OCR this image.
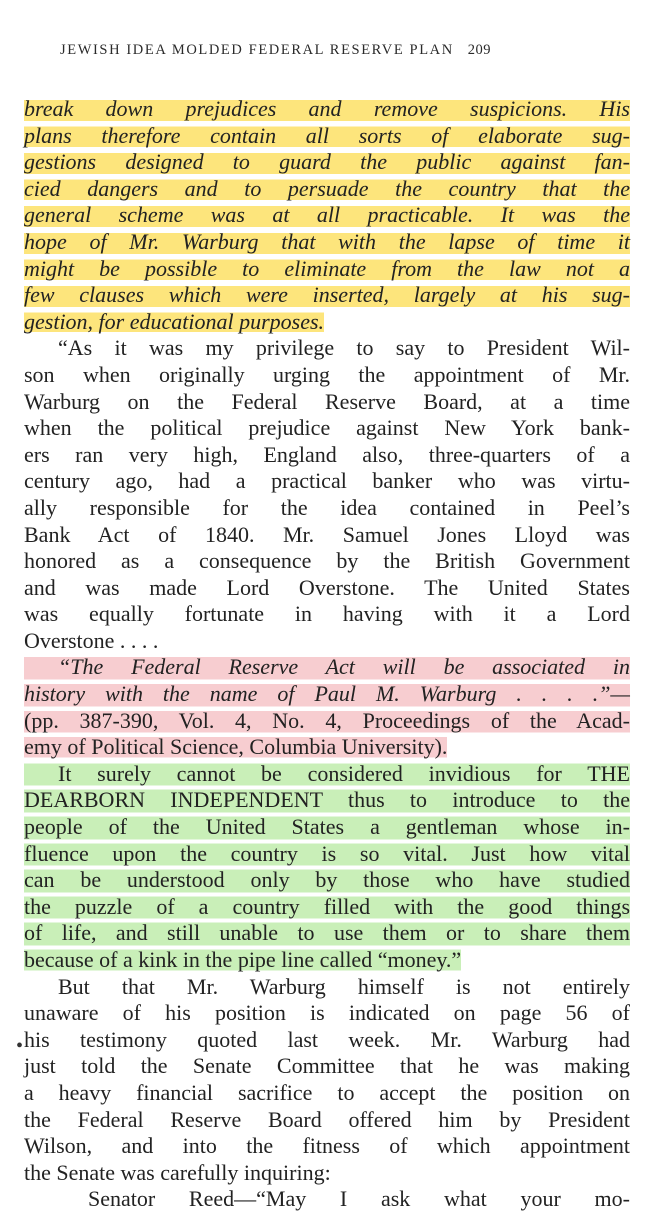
JEWISH IDEA MOLDED FEDERAL RESERVE PLAN 209
break down prejudices and remove suspicions. His
plans therefore contain all sorts of elaborate sug-
gestions designed to guard the public against fan-
cied dangers and to persuade the country that the
general scheme was at all practicable. It was the
hope of Mr. Warburg that with the lapse of time it
might be possible to eliminate from the law not a
few clauses which were inserted, largely at his sug-
gestion, for educational purposes.
“As it was my privilege to say to President Wil-
son when originally urging the appointment of Mr.
Warburg on the Federal Reserve Board, at a time
when the political prejudice against New York bank-
ers ran very high, England also, three-quarters of a
century ago, had a practical banker who was virtu-
ally responsible for the idea contained in Peel’s
Bank Act of 1840. Mr. Samuel Jones Lloyd was
honored as a consequence by the British Government
and was made Lord Overstone. The United States
was equally fortunate in having with it a Lord
Overstone . . . .
“The Federal Reserve Act will be associated in
history with the name of Paul M. Warburg . . . .”—
(pp. 387-390, Vol. 4, No. 4, Proceedings of the Acad-
emy of Political Science, Columbia University).
It surely cannot be considered invidious for THE
DEARBORN INDEPENDENT thus to introduce to the
people of the United States a gentleman whose in-
fluence upon the country is so vital. Just how vital
can be understood only by those who have studied
the puzzle of a country filled with the good things
of life, and still unable to use them or to share them
because of a kink in the pipe line called “money.”
But that Mr. Warburg himself is not entirely
unaware of his position is indicated on page 56 of
his testimony quoted last week. Mr. Warburg had
just told the Senate Committee that he was making
a heavy financial sacrifice to accept the position on
the Federal Reserve Board offered him by President
Wilson, and into the fitness of which appointment
the Senate was carefully inquiring:
Senator Reed—“May I ask what your mo-
•
